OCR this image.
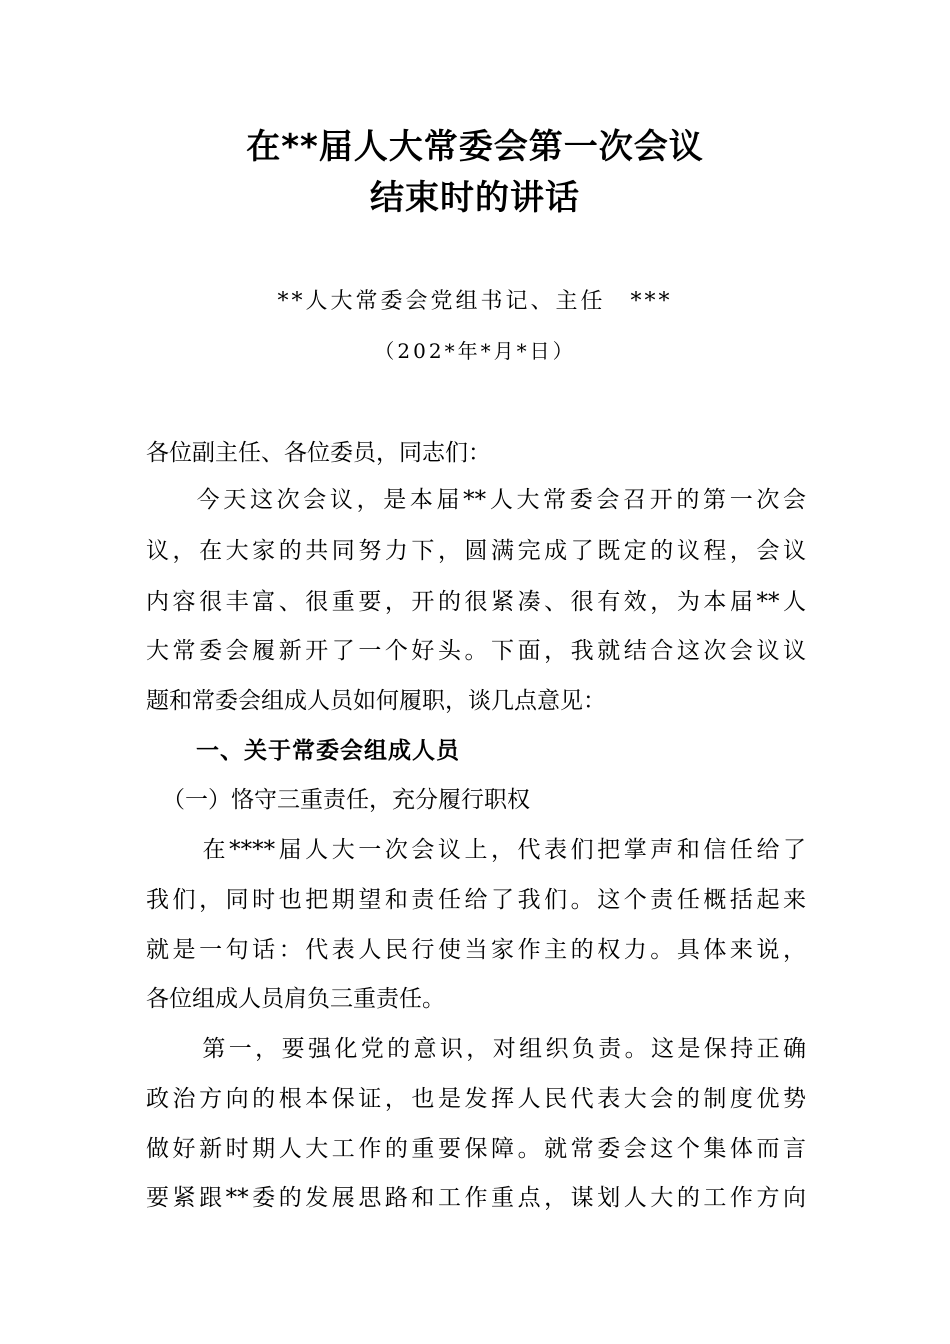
在**届人大常委会第一次会议
结束时的讲话
**人大常委会党组书记、主任　***
（202*年*月*日）
各位副主任、各位委员，同志们：
　今天这次会议，是本届**人大常委会召开的第一次会
议，在大家的共同努力下，圆满完成了既定的议程，会议
内容很丰富、很重要，开的很紧凑、很有效，为本届**人
大常委会履新开了一个好头。下面，我就结合这次会议议
题和常委会组成人员如何履职，谈几点意见：
一、关于常委会组成人员
（一）恪守三重责任，充分履行职权
　在****届人大一次会议上，代表们把掌声和信任给了
我们，同时也把期望和责任给了我们。这个责任概括起来
就是一句话：代表人民行使当家作主的权力。具体来说，
各位组成人员肩负三重责任。
　第一，要强化党的意识，对组织负责。这是保持正确
政治方向的根本保证，也是发挥人民代表大会的制度优势
做好新时期人大工作的重要保障。就常委会这个集体而言
要紧跟**委的发展思路和工作重点，谋划人大的工作方向
